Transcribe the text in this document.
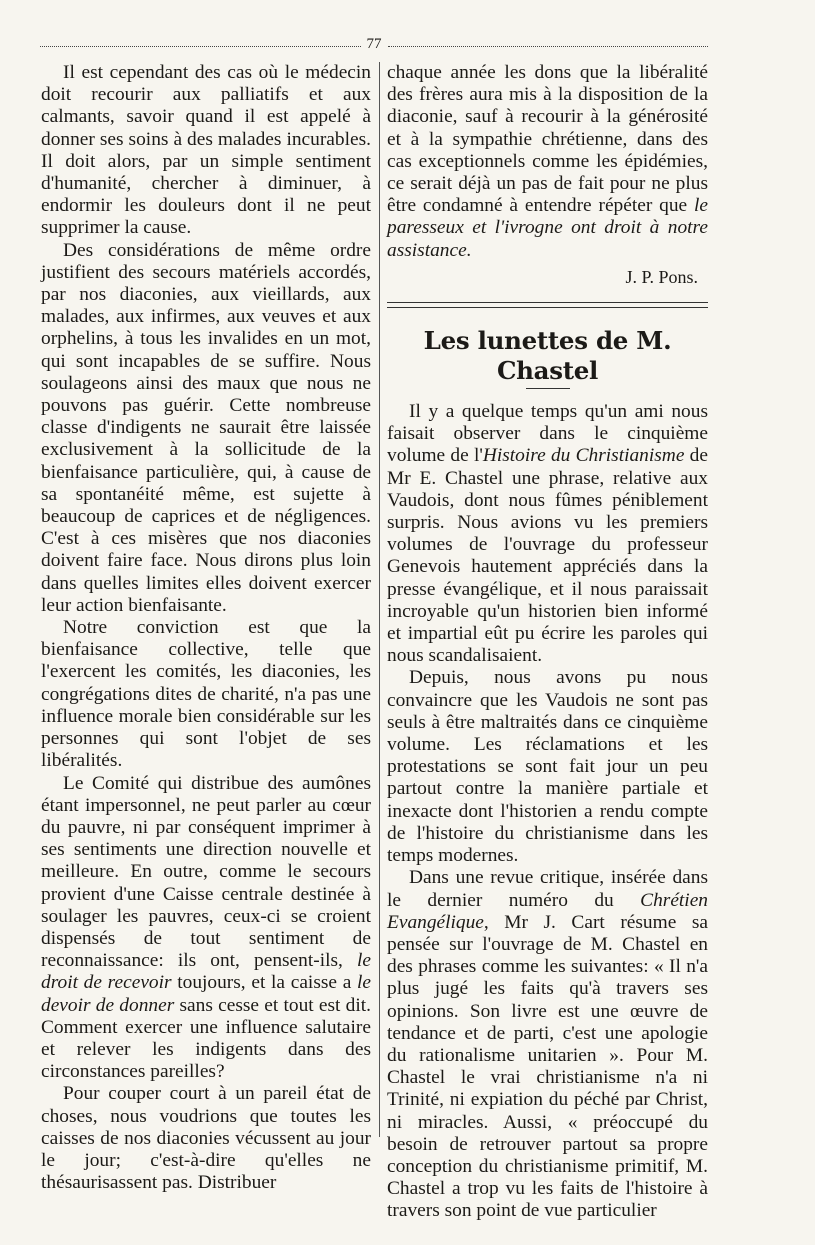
77

Il est cependant des cas où le médecin doit recourir aux palliatifs et aux calmants, savoir quand il est appelé à donner ses soins à des malades incurables. Il doit alors, par un simple sentiment d'humanité, chercher à diminuer, à endormir les douleurs dont il ne peut supprimer la cause.

Des considérations de même ordre justifient des secours matériels accordés, par nos diaconies, aux vieillards, aux malades, aux infirmes, aux veuves et aux orphelins, à tous les invalides en un mot, qui sont incapables de se suffire. Nous soulageons ainsi des maux que nous ne pouvons pas guérir. Cette nombreuse classe d'indigents ne saurait être laissée exclusivement à la sollicitude de la bienfaisance particulière, qui, à cause de sa spontanéité même, est sujette à beaucoup de caprices et de négligences. C'est à ces misères que nos diaconies doivent faire face. Nous dirons plus loin dans quelles limites elles doivent exercer leur action bienfaisante.

Notre conviction est que la bienfaisance collective, telle que l'exercent les comités, les diaconies, les congrégations dites de charité, n'a pas une influence morale bien considérable sur les personnes qui sont l'objet de ses libéralités.

Le Comité qui distribue des aumônes étant impersonnel, ne peut parler au cœur du pauvre, ni par conséquent imprimer à ses sentiments une direction nouvelle et meilleure. En outre, comme le secours provient d'une Caisse centrale destinée à soulager les pauvres, ceux-ci se croient dispensés de tout sentiment de reconnaissance: ils ont, pensent-ils, le droit de recevoir toujours, et la caisse a le devoir de donner sans cesse et tout est dit. Comment exercer une influence salutaire et relever les indigents dans des circonstances pareilles?

Pour couper court à un pareil état de choses, nous voudrions que toutes les caisses de nos diaconies vécussent au jour le jour; c'est-à-dire qu'elles ne thésaurisassent pas. Distribuer

chaque année les dons que la libéralité des frères aura mis à la disposition de la diaconie, sauf à recourir à la générosité et à la sympathie chrétienne, dans des cas exceptionnels comme les épidémies, ce serait déjà un pas de fait pour ne plus être condamné à entendre répéter que le paresseux et l'ivrogne ont droit à notre assistance.

J. P. Pons.
Les lunettes de M. Chastel

Il y a quelque temps qu'un ami nous faisait observer dans le cinquième volume de l'Histoire du Christianisme de Mr E. Chastel une phrase, relative aux Vaudois, dont nous fûmes péniblement surpris. Nous avions vu les premiers volumes de l'ouvrage du professeur Genevois hautement appréciés dans la presse évangélique, et il nous paraissait incroyable qu'un historien bien informé et impartial eût pu écrire les paroles qui nous scandalisaient.

Depuis, nous avons pu nous convaincre que les Vaudois ne sont pas seuls à être maltraités dans ce cinquième volume. Les réclamations et les protestations se sont fait jour un peu partout contre la manière partiale et inexacte dont l'historien a rendu compte de l'histoire du christianisme dans les temps modernes.

Dans une revue critique, insérée dans le dernier numéro du Chrétien Evangélique, Mr J. Cart résume sa pensée sur l'ouvrage de M. Chastel en des phrases comme les suivantes: « Il n'a plus jugé les faits qu'à travers ses opinions. Son livre est une œuvre de tendance et de parti, c'est une apologie du rationalisme unitarien ». Pour M. Chastel le vrai christianisme n'a ni Trinité, ni expiation du péché par Christ, ni miracles. Aussi, « préoccupé du besoin de retrouver partout sa propre conception du christianisme primitif, M. Chastel a trop vu les faits de l'histoire à travers son point de vue particulier
